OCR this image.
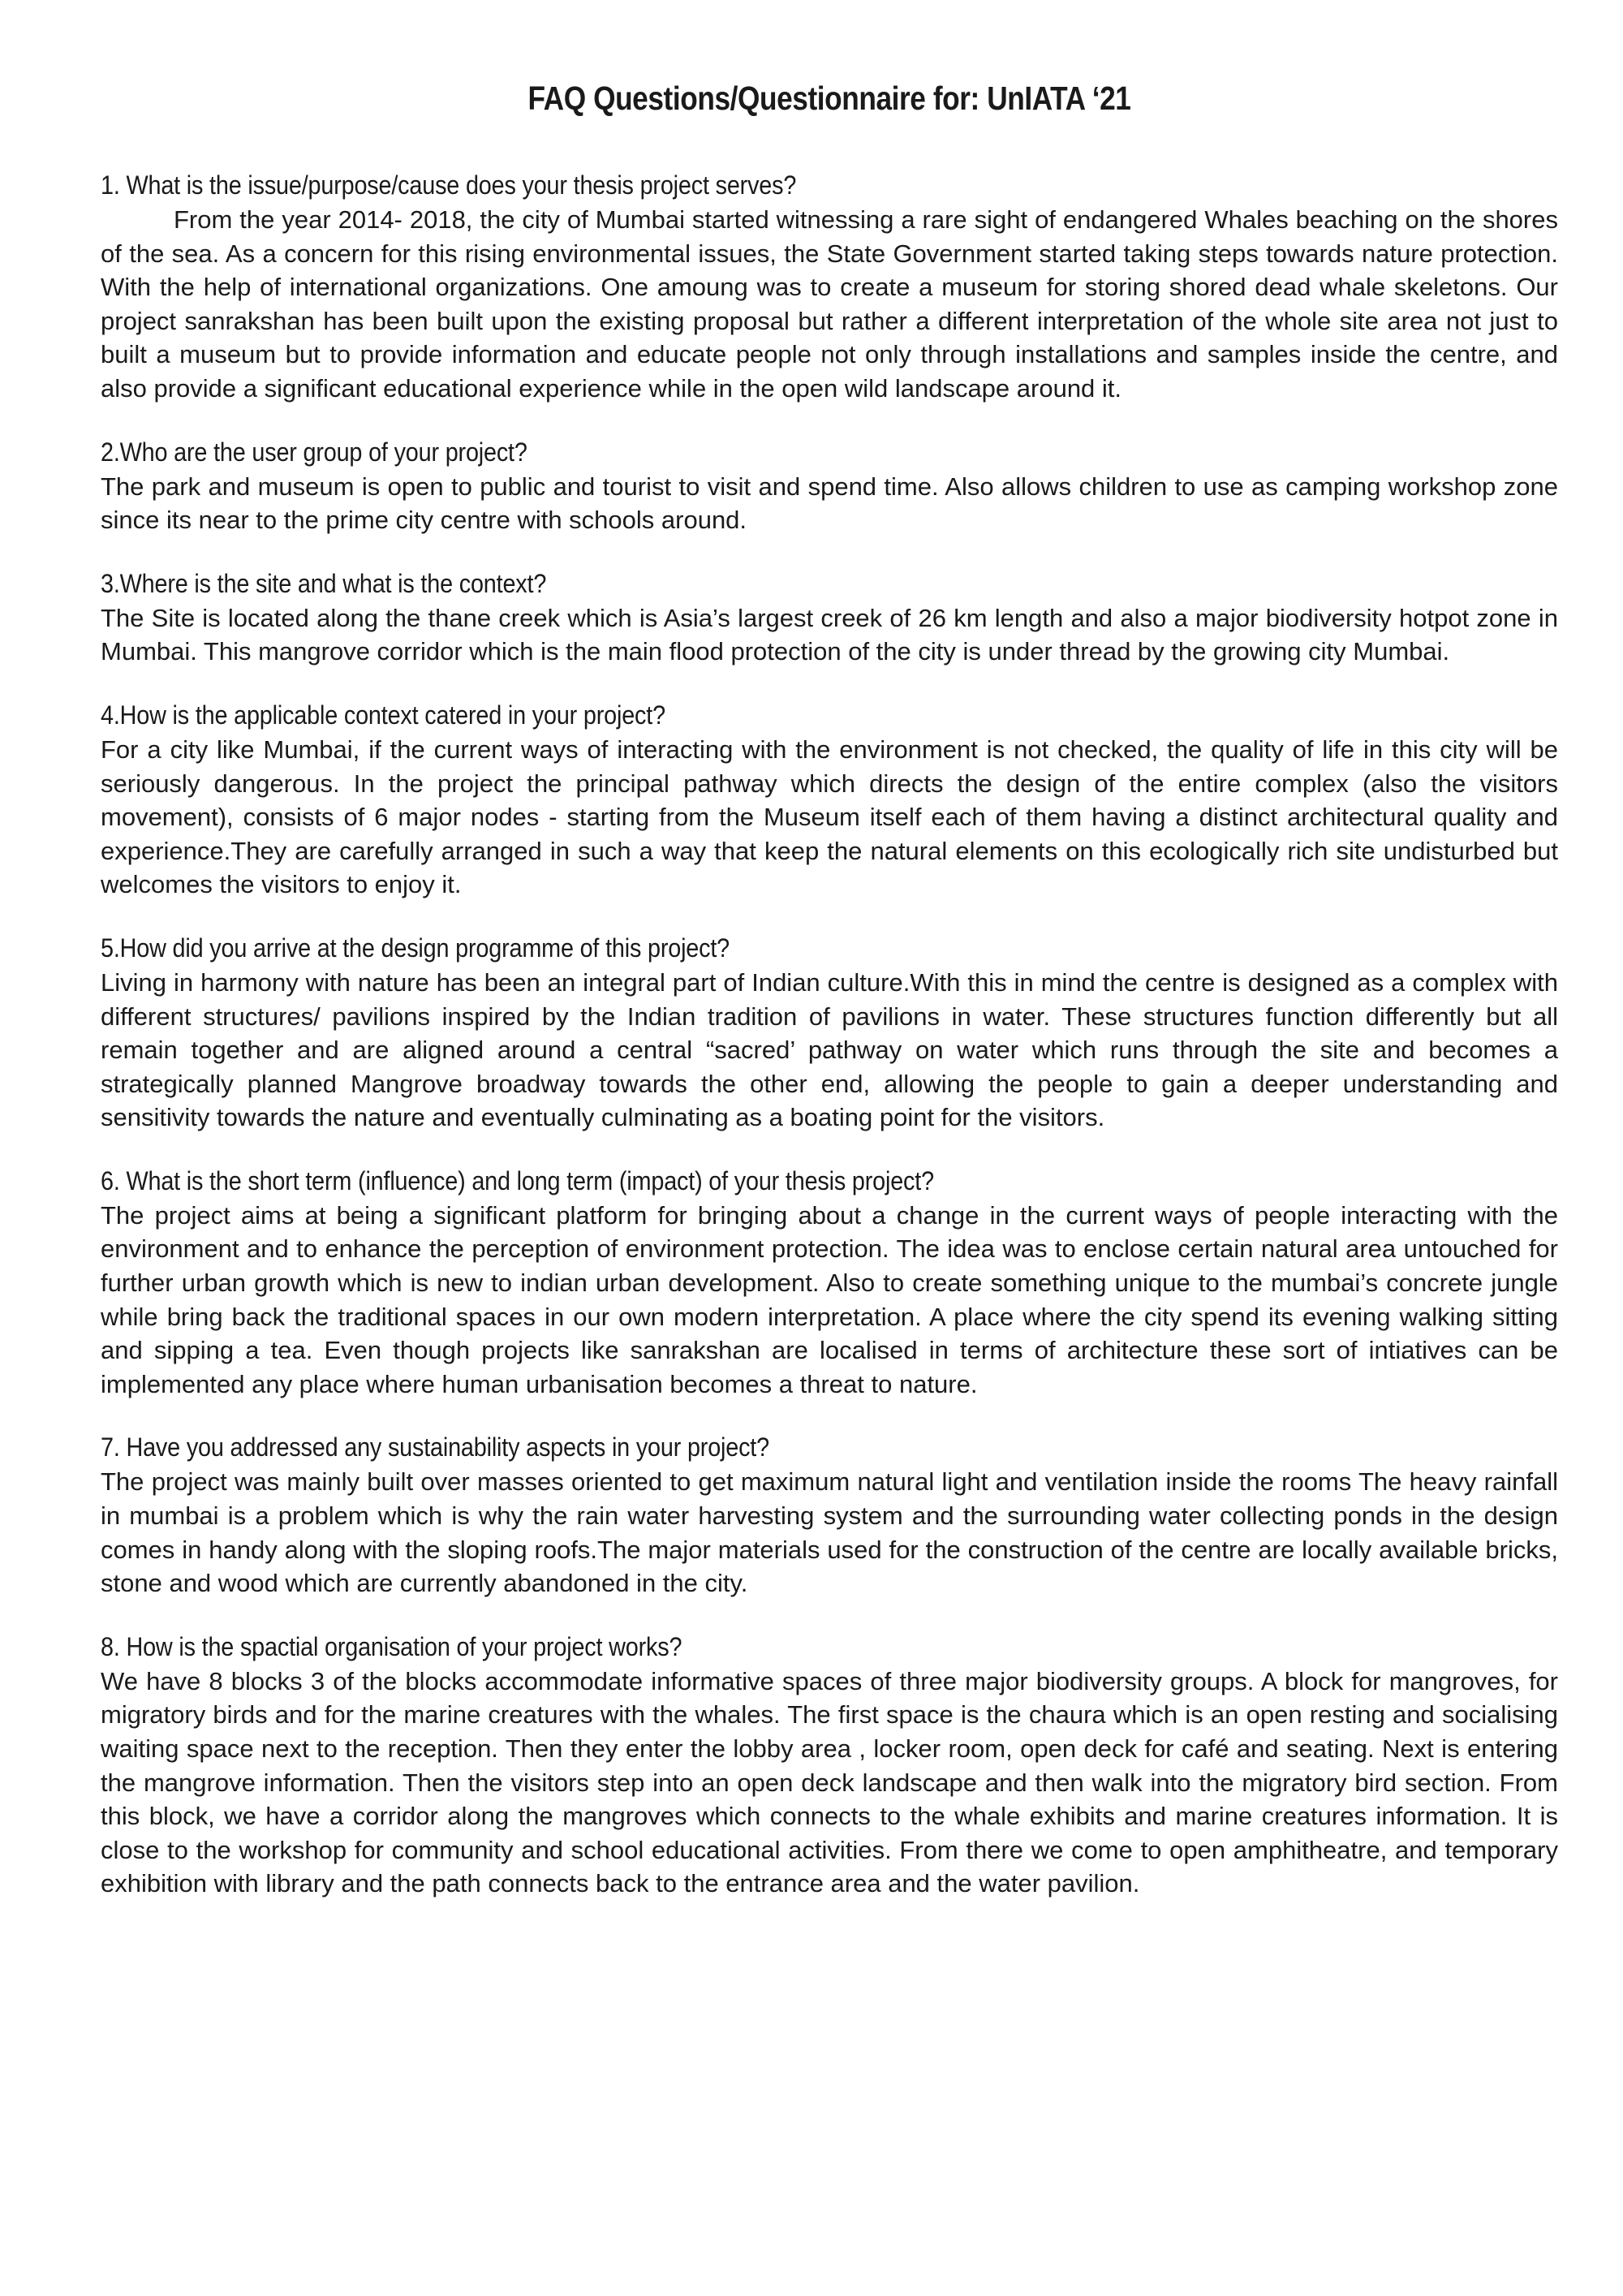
FAQ Questions/Questionnaire for: UnIATA ‘21
1. What is the issue/purpose/cause does your thesis project serves?

From the year 2014- 2018, the city of Mumbai started witnessing a rare sight of endangered Whales beaching on the shores of the sea. As a concern for this rising environmental issues, the State Government started taking steps towards nature protection. With the help of international organizations. One amoung was to create a museum for storing shored dead whale skeletons. Our project sanrakshan has been built upon the existing proposal but rather a different interpretation of the whole site area not just to built a museum but to provide information and educate people not only through installations and samples inside the centre, and also provide a significant educational experience while in the open wild landscape around it.

2.Who are the user group of your project?

The park and museum is open to public and tourist to visit and spend time. Also allows children to use as camping workshop zone since its near to the prime city centre with schools around.

3.Where is the site and what is the context?

The Site is located along the thane creek which is Asia’s largest creek of 26 km length and also a major biodiversity hotpot zone in Mumbai. This mangrove corridor which is the main flood protection of the city is under thread by the growing city Mumbai.

4.How is the applicable context catered in your project?

For a city like Mumbai, if the current ways of interacting with the environment is not checked, the quality of life in this city will be seriously dangerous. In the project the principal pathway which directs the design of the entire complex (also the visitors movement), consists of 6 major nodes - starting from the Museum itself each of them having a distinct architectural quality and experience.They are carefully arranged in such a way that keep the natural elements on this ecologically rich site undisturbed but welcomes the visitors to enjoy it.

5.How did you arrive at the design programme of this project?

Living in harmony with nature has been an integral part of Indian culture.With this in mind the centre is designed as a complex with different structures/ pavilions inspired by the Indian tradition of pavilions in water. These structures function differently but all remain together and are aligned around a central “sacred’ pathway on water which runs through the site and becomes a strategically planned Mangrove broadway towards the other end, allowing the people to gain a deeper understanding and sensitivity towards the nature and eventually culminating as a boating point for the visitors.

6. What is the short term (influence) and long term (impact) of your thesis project?

The project aims at being a significant platform for bringing about a change in the current ways of people interacting with the environment and to enhance the perception of environment protection. The idea was to enclose certain natural area untouched for further urban growth which is new to indian urban development. Also to create something unique to the mumbai’s concrete jungle while bring back the traditional spaces in our own modern interpretation. A place where the city spend its evening walking sitting and sipping a tea. Even though projects like sanrakshan are localised in terms of architecture these sort of intiatives can be implemented any place where human urbanisation becomes a threat to nature.

7. Have you addressed any sustainability aspects in your project?

The project was mainly built over masses oriented to get maximum natural light and ventilation inside the rooms The heavy rainfall in mumbai is a problem which is why the rain water harvesting system and the surrounding water collecting ponds in the design comes in handy along with the sloping roofs.The major materials used for the construction of the centre are locally available bricks, stone and wood which are currently abandoned in the city.

8. How is the spactial organisation of your project works?

We have 8 blocks 3 of the blocks accommodate informative spaces of three major biodiversity groups. A block for mangroves, for migratory birds and for the marine creatures with the whales. The first space is the chaura which is an open resting and socialising waiting space next to the reception. Then they enter the lobby area , locker room, open deck for café and seating. Next is entering the mangrove information. Then the visitors step into an open deck landscape and then walk into the migratory bird section. From this block, we have a corridor along the mangroves which connects to the whale exhibits and marine creatures information. It is close to the workshop for community and school educational activities. From there we come to open amphitheatre, and temporary exhibition with library and the path connects back to the entrance area and the water pavilion.
